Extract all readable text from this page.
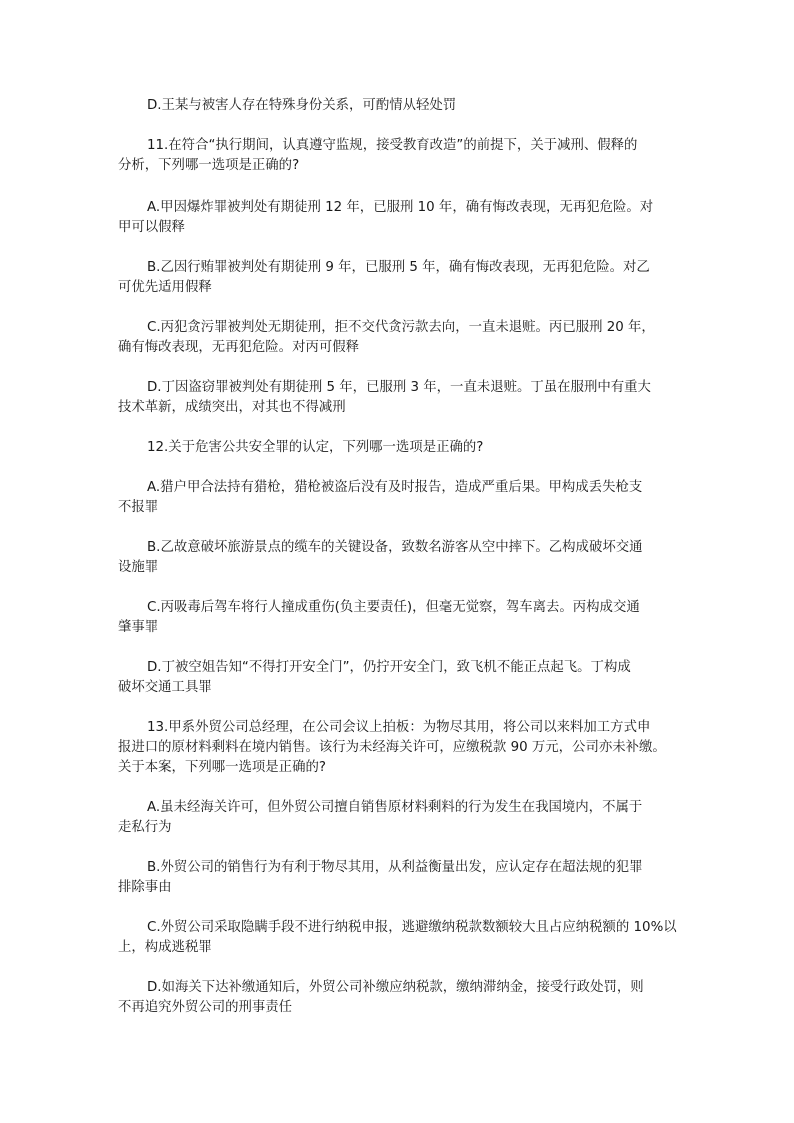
D.王某与被害人存在特殊身份关系，可酌情从轻处罚

11.在符合“执行期间，认真遵守监规，接受教育改造”的前提下，关于减刑、假释的
分析，下列哪一选项是正确的?

A.甲因爆炸罪被判处有期徒刑 12 年，已服刑 10 年，确有悔改表现，无再犯危险。对
甲可以假释

B.乙因行贿罪被判处有期徒刑 9 年，已服刑 5 年，确有悔改表现，无再犯危险。对乙
可优先适用假释

C.丙犯贪污罪被判处无期徒刑，拒不交代贪污款去向，一直未退赃。丙已服刑 20 年，
确有悔改表现，无再犯危险。对丙可假释

D.丁因盗窃罪被判处有期徒刑 5 年，已服刑 3 年，一直未退赃。丁虽在服刑中有重大
技术革新，成绩突出，对其也不得减刑

12.关于危害公共安全罪的认定，下列哪一选项是正确的?

A.猎户甲合法持有猎枪，猎枪被盗后没有及时报告，造成严重后果。甲构成丢失枪支
不报罪

B.乙故意破坏旅游景点的缆车的关键设备，致数名游客从空中摔下。乙构成破坏交通
设施罪

C.丙吸毒后驾车将行人撞成重伤(负主要责任)，但毫无觉察，驾车离去。丙构成交通
肇事罪

D.丁被空姐告知“不得打开安全门”，仍拧开安全门，致飞机不能正点起飞。丁构成
破坏交通工具罪

13.甲系外贸公司总经理，在公司会议上拍板：为物尽其用，将公司以来料加工方式申
报进口的原材料剩料在境内销售。该行为未经海关许可，应缴税款 90 万元，公司亦未补缴。
关于本案，下列哪一选项是正确的?

A.虽未经海关许可，但外贸公司擅自销售原材料剩料的行为发生在我国境内，不属于
走私行为

B.外贸公司的销售行为有利于物尽其用，从利益衡量出发，应认定存在超法规的犯罪
排除事由

C.外贸公司采取隐瞒手段不进行纳税申报，逃避缴纳税款数额较大且占应纳税额的 10%以
上，构成逃税罪

D.如海关下达补缴通知后，外贸公司补缴应纳税款，缴纳滞纳金，接受行政处罚，则
不再追究外贸公司的刑事责任
